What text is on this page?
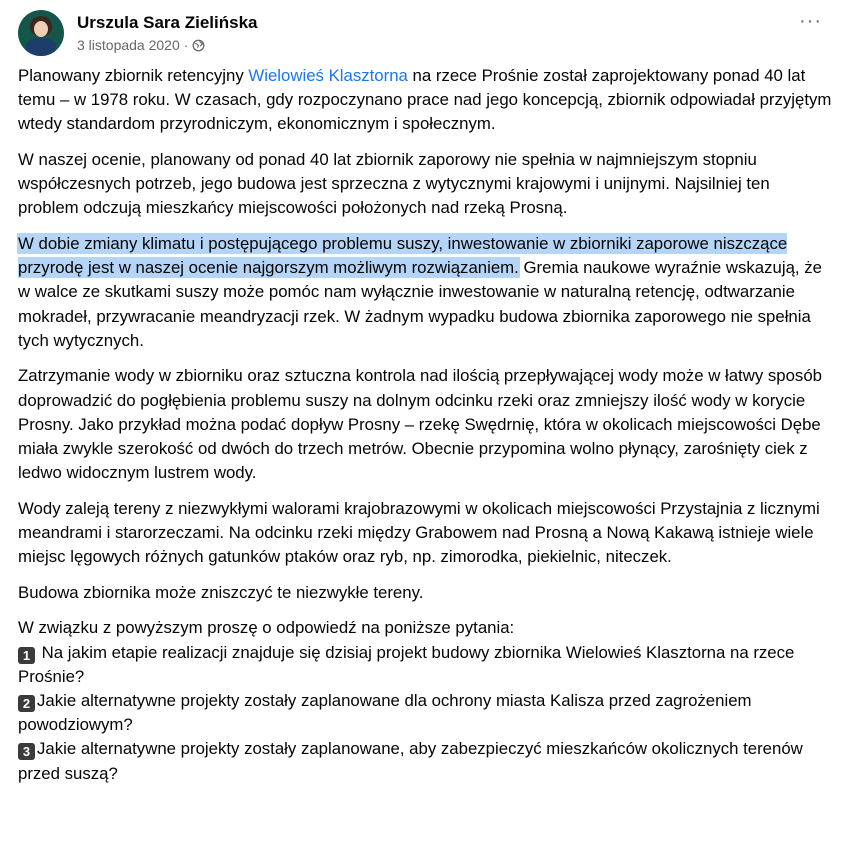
Urszula Sara Zielińska
3 listopada 2020 ·
···

Planowany zbiornik retencyjny Wielowieś Klasztorna na rzece Prośnie został zaprojektowany ponad 40 lat temu – w 1978 roku. W czasach, gdy rozpoczynano prace nad jego koncepcją, zbiornik odpowiadał przyjętym wtedy standardom przyrodniczym, ekonomicznym i społecznym.

W naszej ocenie, planowany od ponad 40 lat zbiornik zaporowy nie spełnia w najmniejszym stopniu współczesnych potrzeb, jego budowa jest sprzeczna z wytycznymi krajowymi i unijnymi. Najsilniej ten problem odczują mieszkańcy miejscowości położonych nad rzeką Prosną.

W dobie zmiany klimatu i postępującego problemu suszy, inwestowanie w zbiorniki zaporowe niszczące przyrodę jest w naszej ocenie najgorszym możliwym rozwiązaniem. Gremia naukowe wyraźnie wskazują, że w walce ze skutkami suszy może pomóc nam wyłącznie inwestowanie w naturalną retencję, odtwarzanie mokradeł, przywracanie meandryzacji rzek. W żadnym wypadku budowa zbiornika zaporowego nie spełnia tych wytycznych.

Zatrzymanie wody w zbiorniku oraz sztuczna kontrola nad ilością przepływającej wody może w łatwy sposób doprowadzić do pogłębienia problemu suszy na dolnym odcinku rzeki oraz zmniejszy ilość wody w korycie Prosny. Jako przykład można podać dopływ Prosny – rzekę Swędrnię, która w okolicach miejscowości Dębe miała zwykle szerokość od dwóch do trzech metrów. Obecnie przypomina wolno płynący, zarośnięty ciek z ledwo widocznym lustrem wody.

Wody zaleją tereny z niezwykłymi walorami krajobrazowymi w okolicach miejscowości Przystajnia z licznymi meandrami i starorzeczami. Na odcinku rzeki między Grabowem nad Prosną a Nową Kakawą istnieje wiele miejsc lęgowych różnych gatunków ptaków oraz ryb, np. zimorodka, piekielnic, niteczek.

Budowa zbiornika może zniszczyć te niezwykłe tereny.

W związku z powyższym proszę o odpowiedź na poniższe pytania:
1 Na jakim etapie realizacji znajduje się dzisiaj projekt budowy zbiornika Wielowieś Klasztorna na rzece Prośnie?
2 Jakie alternatywne projekty zostały zaplanowane dla ochrony miasta Kalisza przed zagrożeniem powodziowym?
3 Jakie alternatywne projekty zostały zaplanowane, aby zabezpieczyć mieszkańców okolicznych terenów przed suszą?
